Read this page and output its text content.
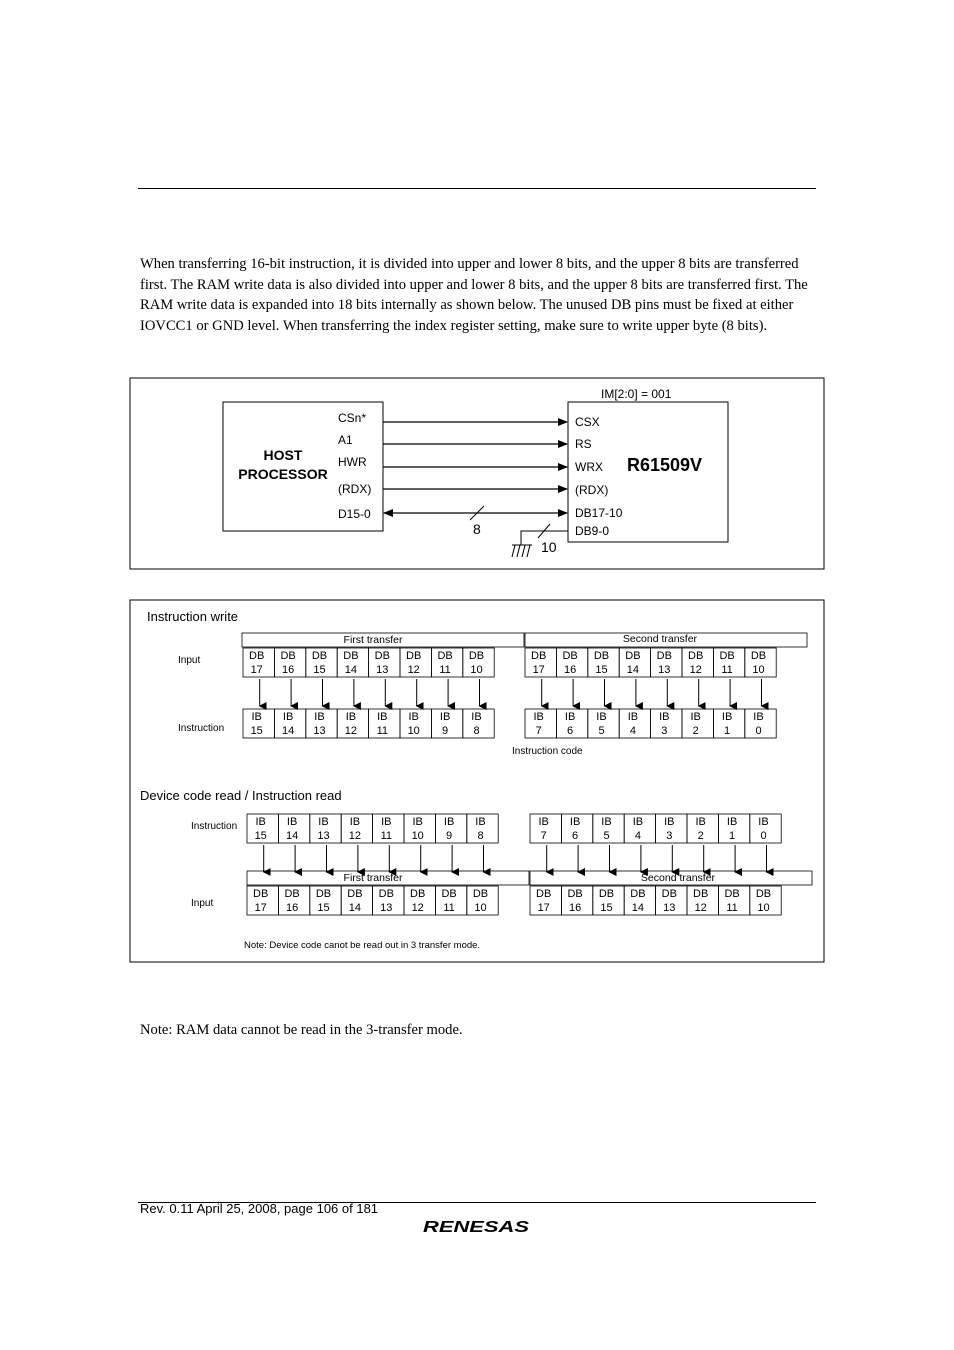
When transferring 16-bit instruction, it is divided into upper and lower 8 bits, and the upper 8 bits are transferred first. The RAM write data is also divided into upper and lower 8 bits, and the upper 8 bits are transferred first. The RAM write data is expanded into 18 bits internally as shown below. The unused DB pins must be fixed at either IOVCC1 or GND level. When transferring the index register setting, make sure to write upper byte (8 bits).

HOST
PROCESSOR
CSn*
A1
HWR
(RDX)
D15-0
IM[2:0] = 001
CSX
RS
WRX
(RDX)
DB17-10
DB9-0
R61509V
8
10
Instruction write
First transfer	Second transfer
Input
Instruction
DB
17
DB
16
DB
15
DB
14
DB
13
DB
12
DB
11
DB
10
DB
17
DB
16
DB
15
DB
14
DB
13
DB
12
DB
11
DB
10
IB
15
IB
14
IB
13
IB
12
IB
11
IB
10
IB
9
IB
8
IB
7
IB
6
IB
5
IB
4
IB
3
IB
2
IB
1
IB
0
Instruction code
Device code read / Instruction read
Instruction
Input
IB
15
IB
14
IB
13
IB
12
IB
11
IB
10
IB
9
IB
8
IB
7
IB
6
IB
5
IB
4
IB
3
IB
2
IB
1
IB
0
First transfer	Second transfer
DB
17
DB
16
DB
15
DB
14
DB
13
DB
12
DB
11
DB
10
DB
17
DB
16
DB
15
DB
14
DB
13
DB
12
DB
11
DB
10
Note: Device code canot be read out in 3 transfer mode.

Note: RAM data cannot be read in the 3-transfer mode.

Rev. 0.11 April 25, 2008, page 106 of 181
RENESAS
